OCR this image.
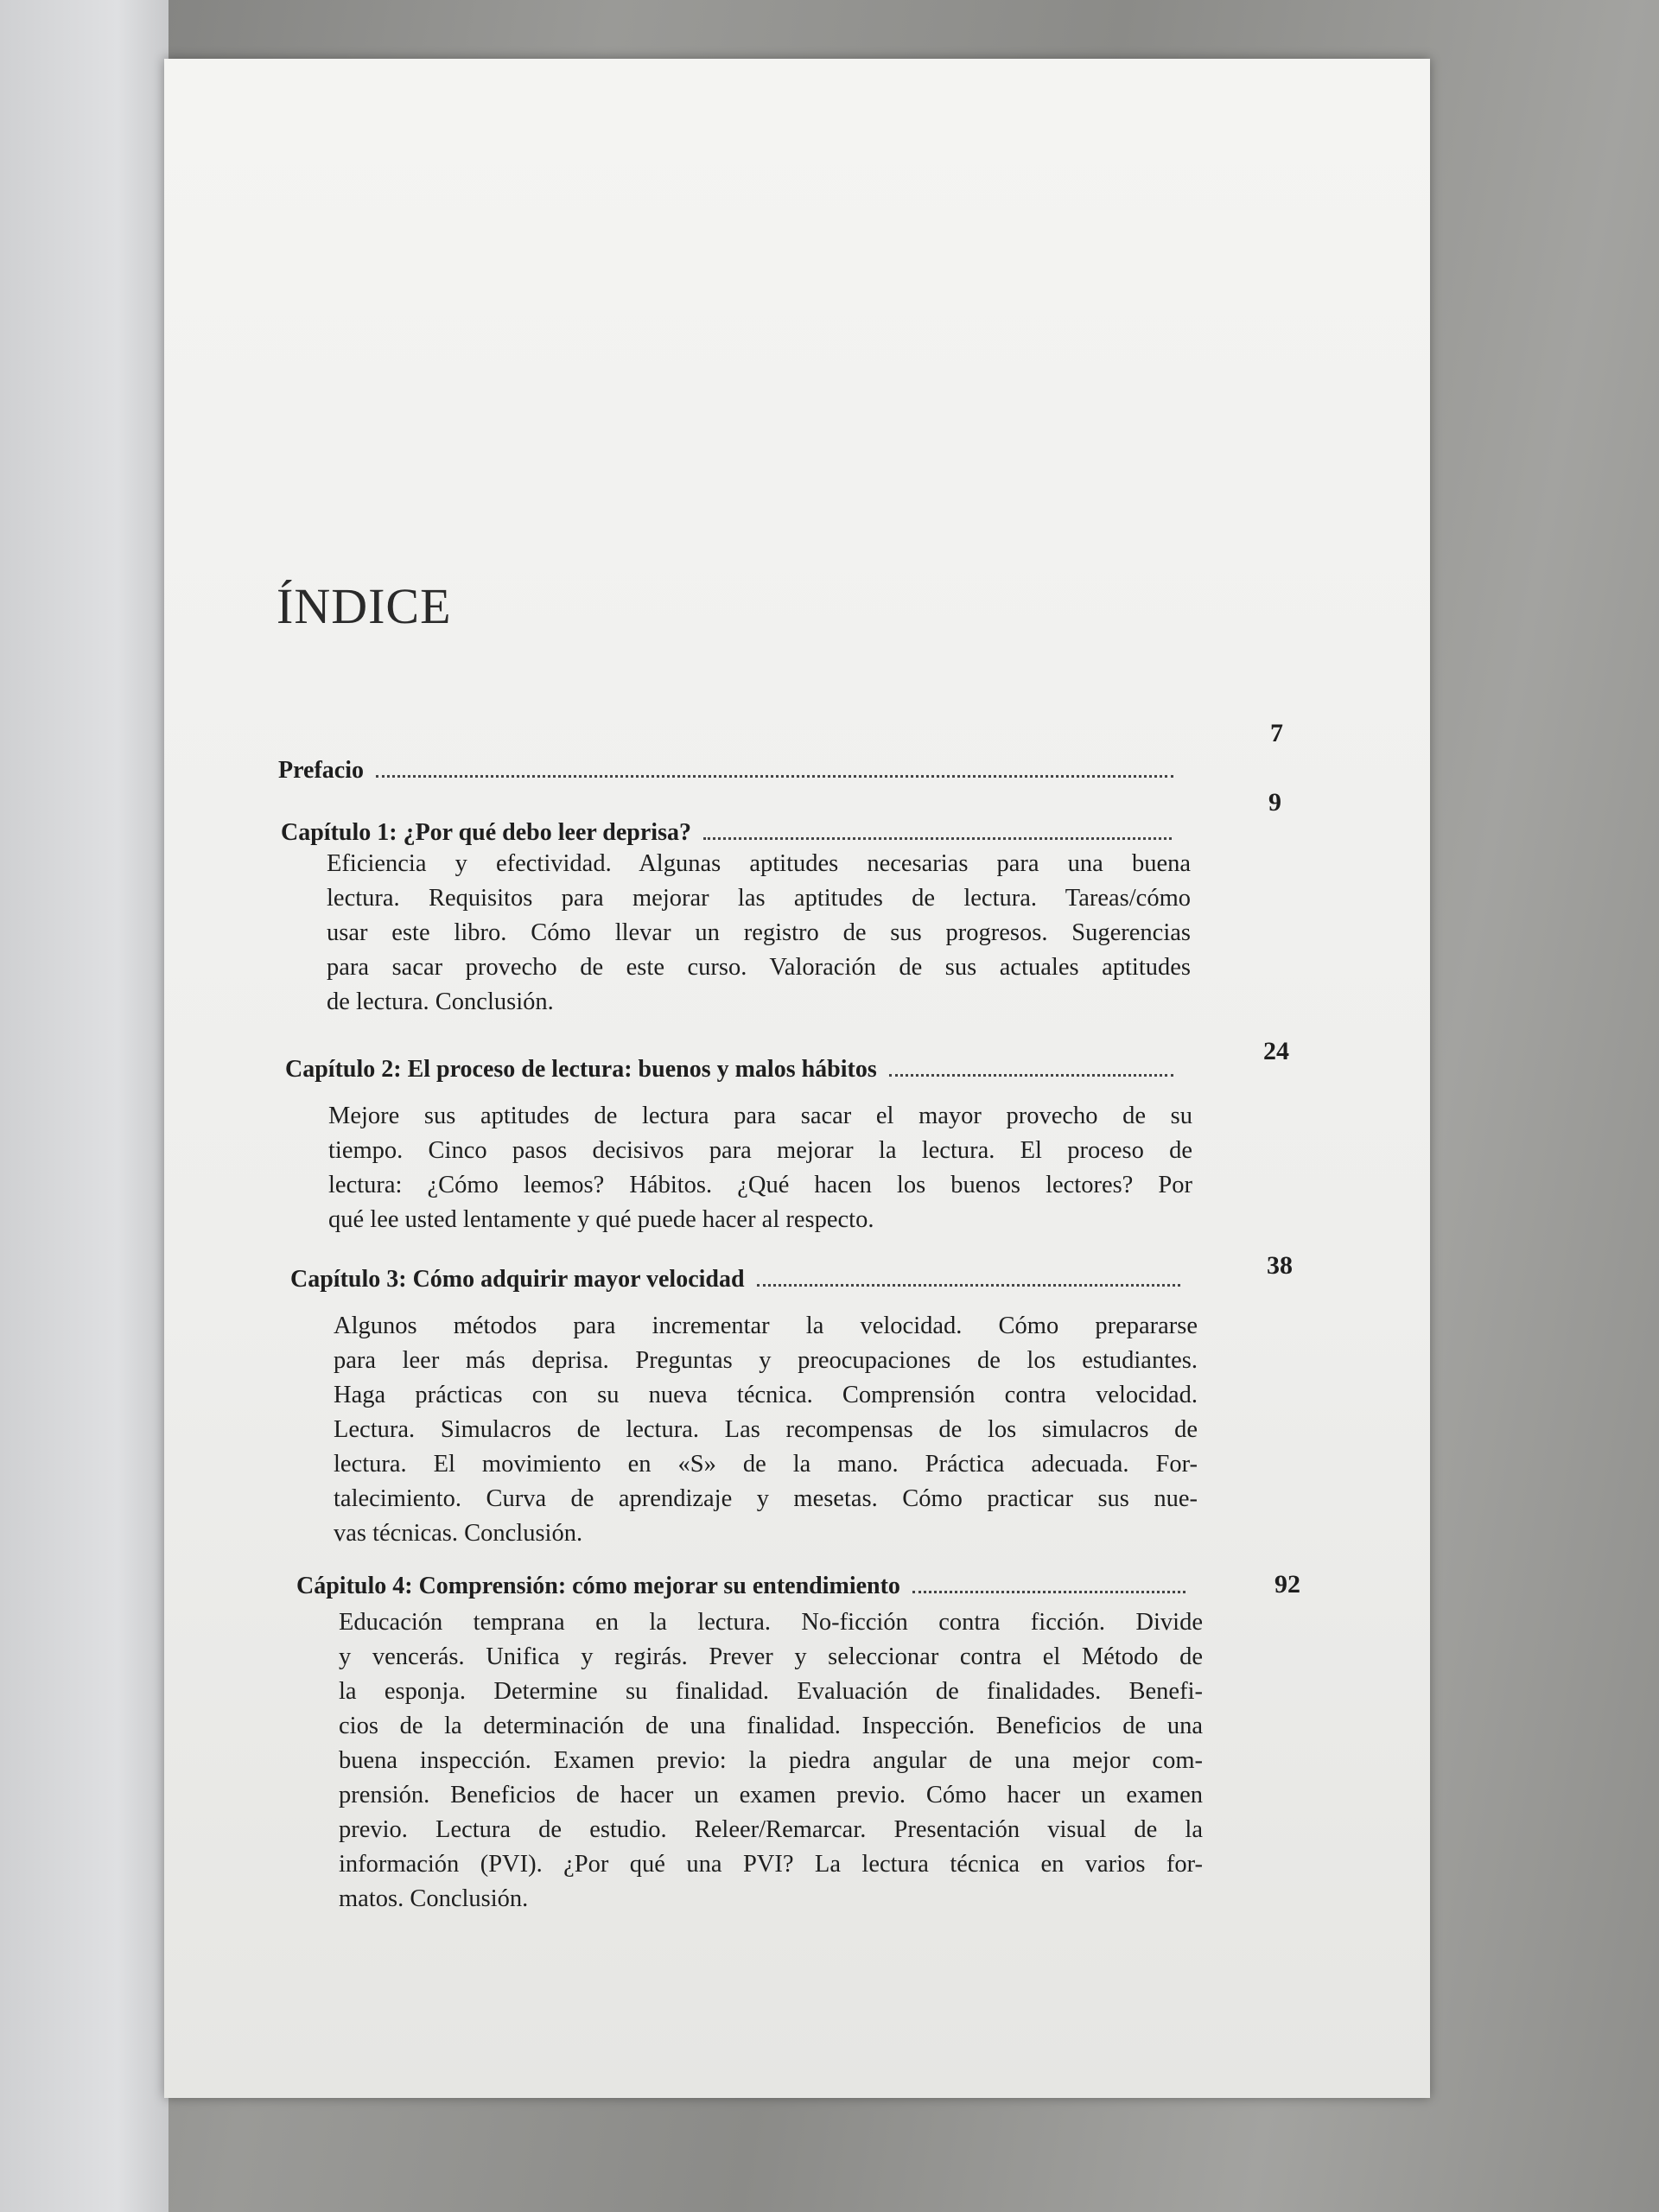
ÍNDICE
Prefacio
7
Capítulo 1: ¿Por qué debo leer deprisa?
9
Eficiencia y efectividad. Algunas aptitudes necesarias para una buena
lectura. Requisitos para mejorar las aptitudes de lectura. Tareas/cómo
usar este libro. Cómo llevar un registro de sus progresos. Sugerencias
para sacar provecho de este curso. Valoración de sus actuales aptitudes
de lectura. Conclusión.
Capítulo 2: El proceso de lectura: buenos y malos hábitos
24
Mejore sus aptitudes de lectura para sacar el mayor provecho de su
tiempo. Cinco pasos decisivos para mejorar la lectura. El proceso de
lectura: ¿Cómo leemos? Hábitos. ¿Qué hacen los buenos lectores? Por
qué lee usted lentamente y qué puede hacer al respecto.
Capítulo 3: Cómo adquirir mayor velocidad	38
Algunos métodos para incrementar la velocidad. Cómo prepararse
para leer más deprisa. Preguntas y preocupaciones de los estudiantes.
Haga prácticas con su nueva técnica. Comprensión contra velocidad.
Lectura. Simulacros de lectura. Las recompensas de los simulacros de
lectura. El movimiento en «S» de la mano. Práctica adecuada. For-
talecimiento. Curva de aprendizaje y mesetas. Cómo practicar sus nue-
vas técnicas. Conclusión.
Cápitulo 4: Comprensión: cómo mejorar su entendimiento	92
Educación temprana en la lectura. No-ficción contra ficción. Divide
y vencerás. Unifica y regirás. Prever y seleccionar contra el Método de
la esponja. Determine su finalidad. Evaluación de finalidades. Benefi-
cios de la determinación de una finalidad. Inspección. Beneficios de una
buena inspección. Examen previo: la piedra angular de una mejor com-
prensión. Beneficios de hacer un examen previo. Cómo hacer un examen
previo. Lectura de estudio. Releer/Remarcar. Presentación visual de la
información (PVI). ¿Por qué una PVI? La lectura técnica en varios for-
matos. Conclusión.
